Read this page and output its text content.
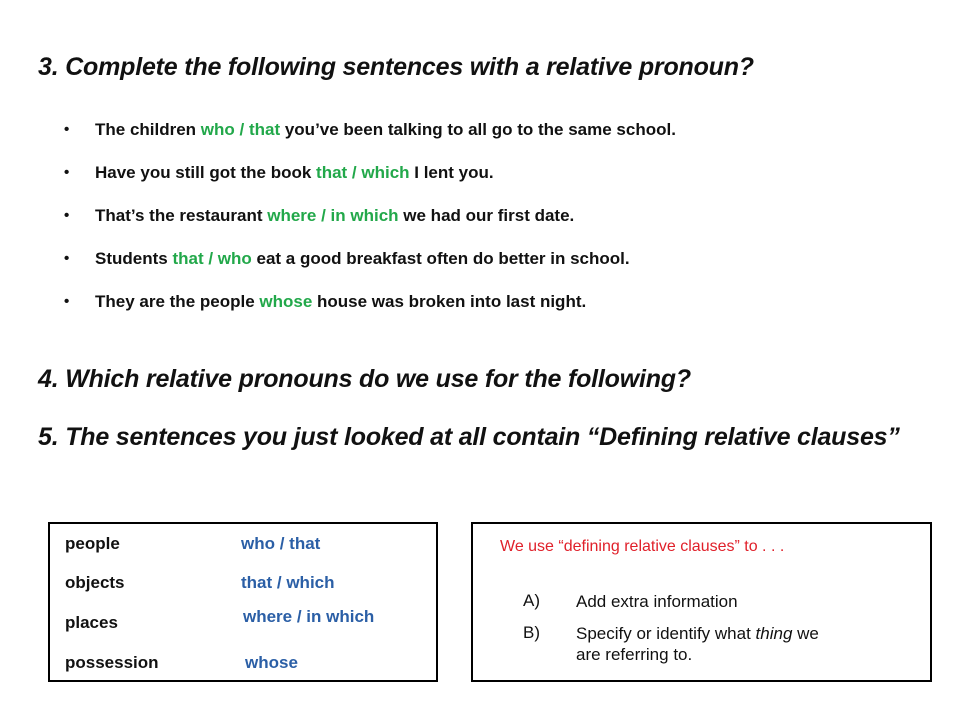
3. Complete the following sentences with a relative pronoun?
• The children who / that you’ve been talking to all go to the same school.
• Have you still got the book that / which I lent you.
• That’s the restaurant where / in which we had our first date.
• Students that / who eat a good breakfast often do better in school.
• They are the people whose house was broken into last night.
4. Which relative pronouns do we use for the following?
5. The sentences you just looked at all contain “Defining relative clauses”
people	who / that
objects	that / which
places	where / in which
possession	whose
We use “defining relative clauses” to . . .
A) Add extra information
B) Specify or identify what thing we are referring to.
